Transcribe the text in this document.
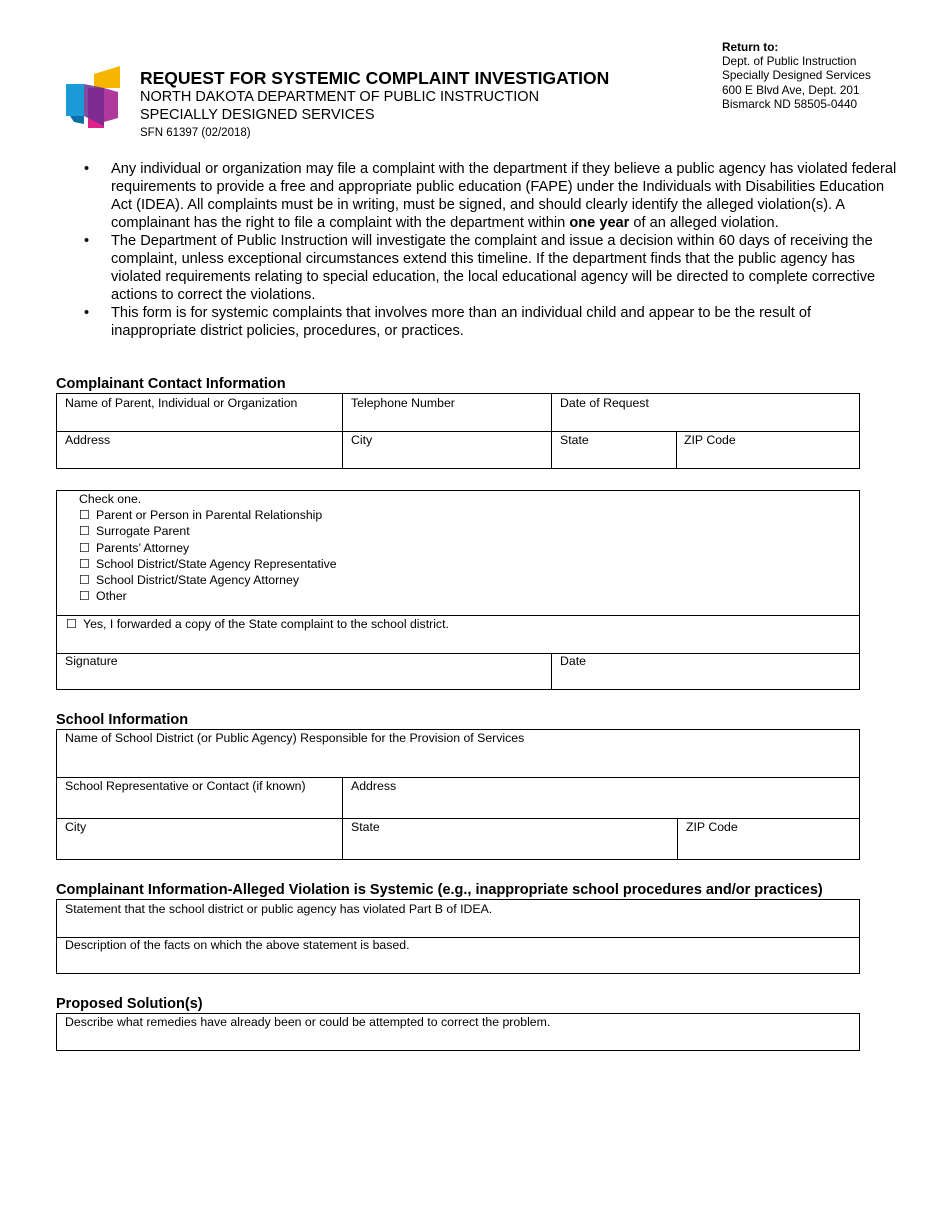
REQUEST FOR SYSTEMIC COMPLAINT INVESTIGATION
NORTH DAKOTA DEPARTMENT OF PUBLIC INSTRUCTION
SPECIALLY DESIGNED SERVICES
SFN 61397 (02/2018)
Return to:
Dept. of Public Instruction
Specially Designed Services
600 E Blvd Ave, Dept. 201
Bismarck ND 58505-0440
• Any individual or organization may file a complaint with the department if they believe a public agency has violated federal requirements to provide a free and appropriate public education (FAPE) under the Individuals with Disabilities Education Act (IDEA). All complaints must be in writing, must be signed, and should clearly identify the alleged violation(s). A complainant has the right to file a complaint with the department within one year of an alleged violation.
• The Department of Public Instruction will investigate the complaint and issue a decision within 60 days of receiving the complaint, unless exceptional circumstances extend this timeline. If the department finds that the public agency has violated requirements relating to special education, the local educational agency will be directed to complete corrective actions to correct the violations.
• This form is for systemic complaints that involves more than an individual child and appear to be the result of inappropriate district policies, procedures, or practices.
Complainant Contact Information
Name of Parent, Individual or Organization	Telephone Number	Date of Request
Address	City	State	ZIP Code
Check one.
☐ Parent or Person in Parental Relationship
☐ Surrogate Parent
☐ Parents’ Attorney
☐ School District/State Agency Representative
☐ School District/State Agency Attorney
☐ Other
☐ Yes, I forwarded a copy of the State complaint to the school district.
Signature	Date
School Information
Name of School District (or Public Agency) Responsible for the Provision of Services
School Representative or Contact (if known)	Address
City	State	ZIP Code
Complainant Information-Alleged Violation is Systemic (e.g., inappropriate school procedures and/or practices)
Statement that the school district or public agency has violated Part B of IDEA.
Description of the facts on which the above statement is based.
Proposed Solution(s)
Describe what remedies have already been or could be attempted to correct the problem.
